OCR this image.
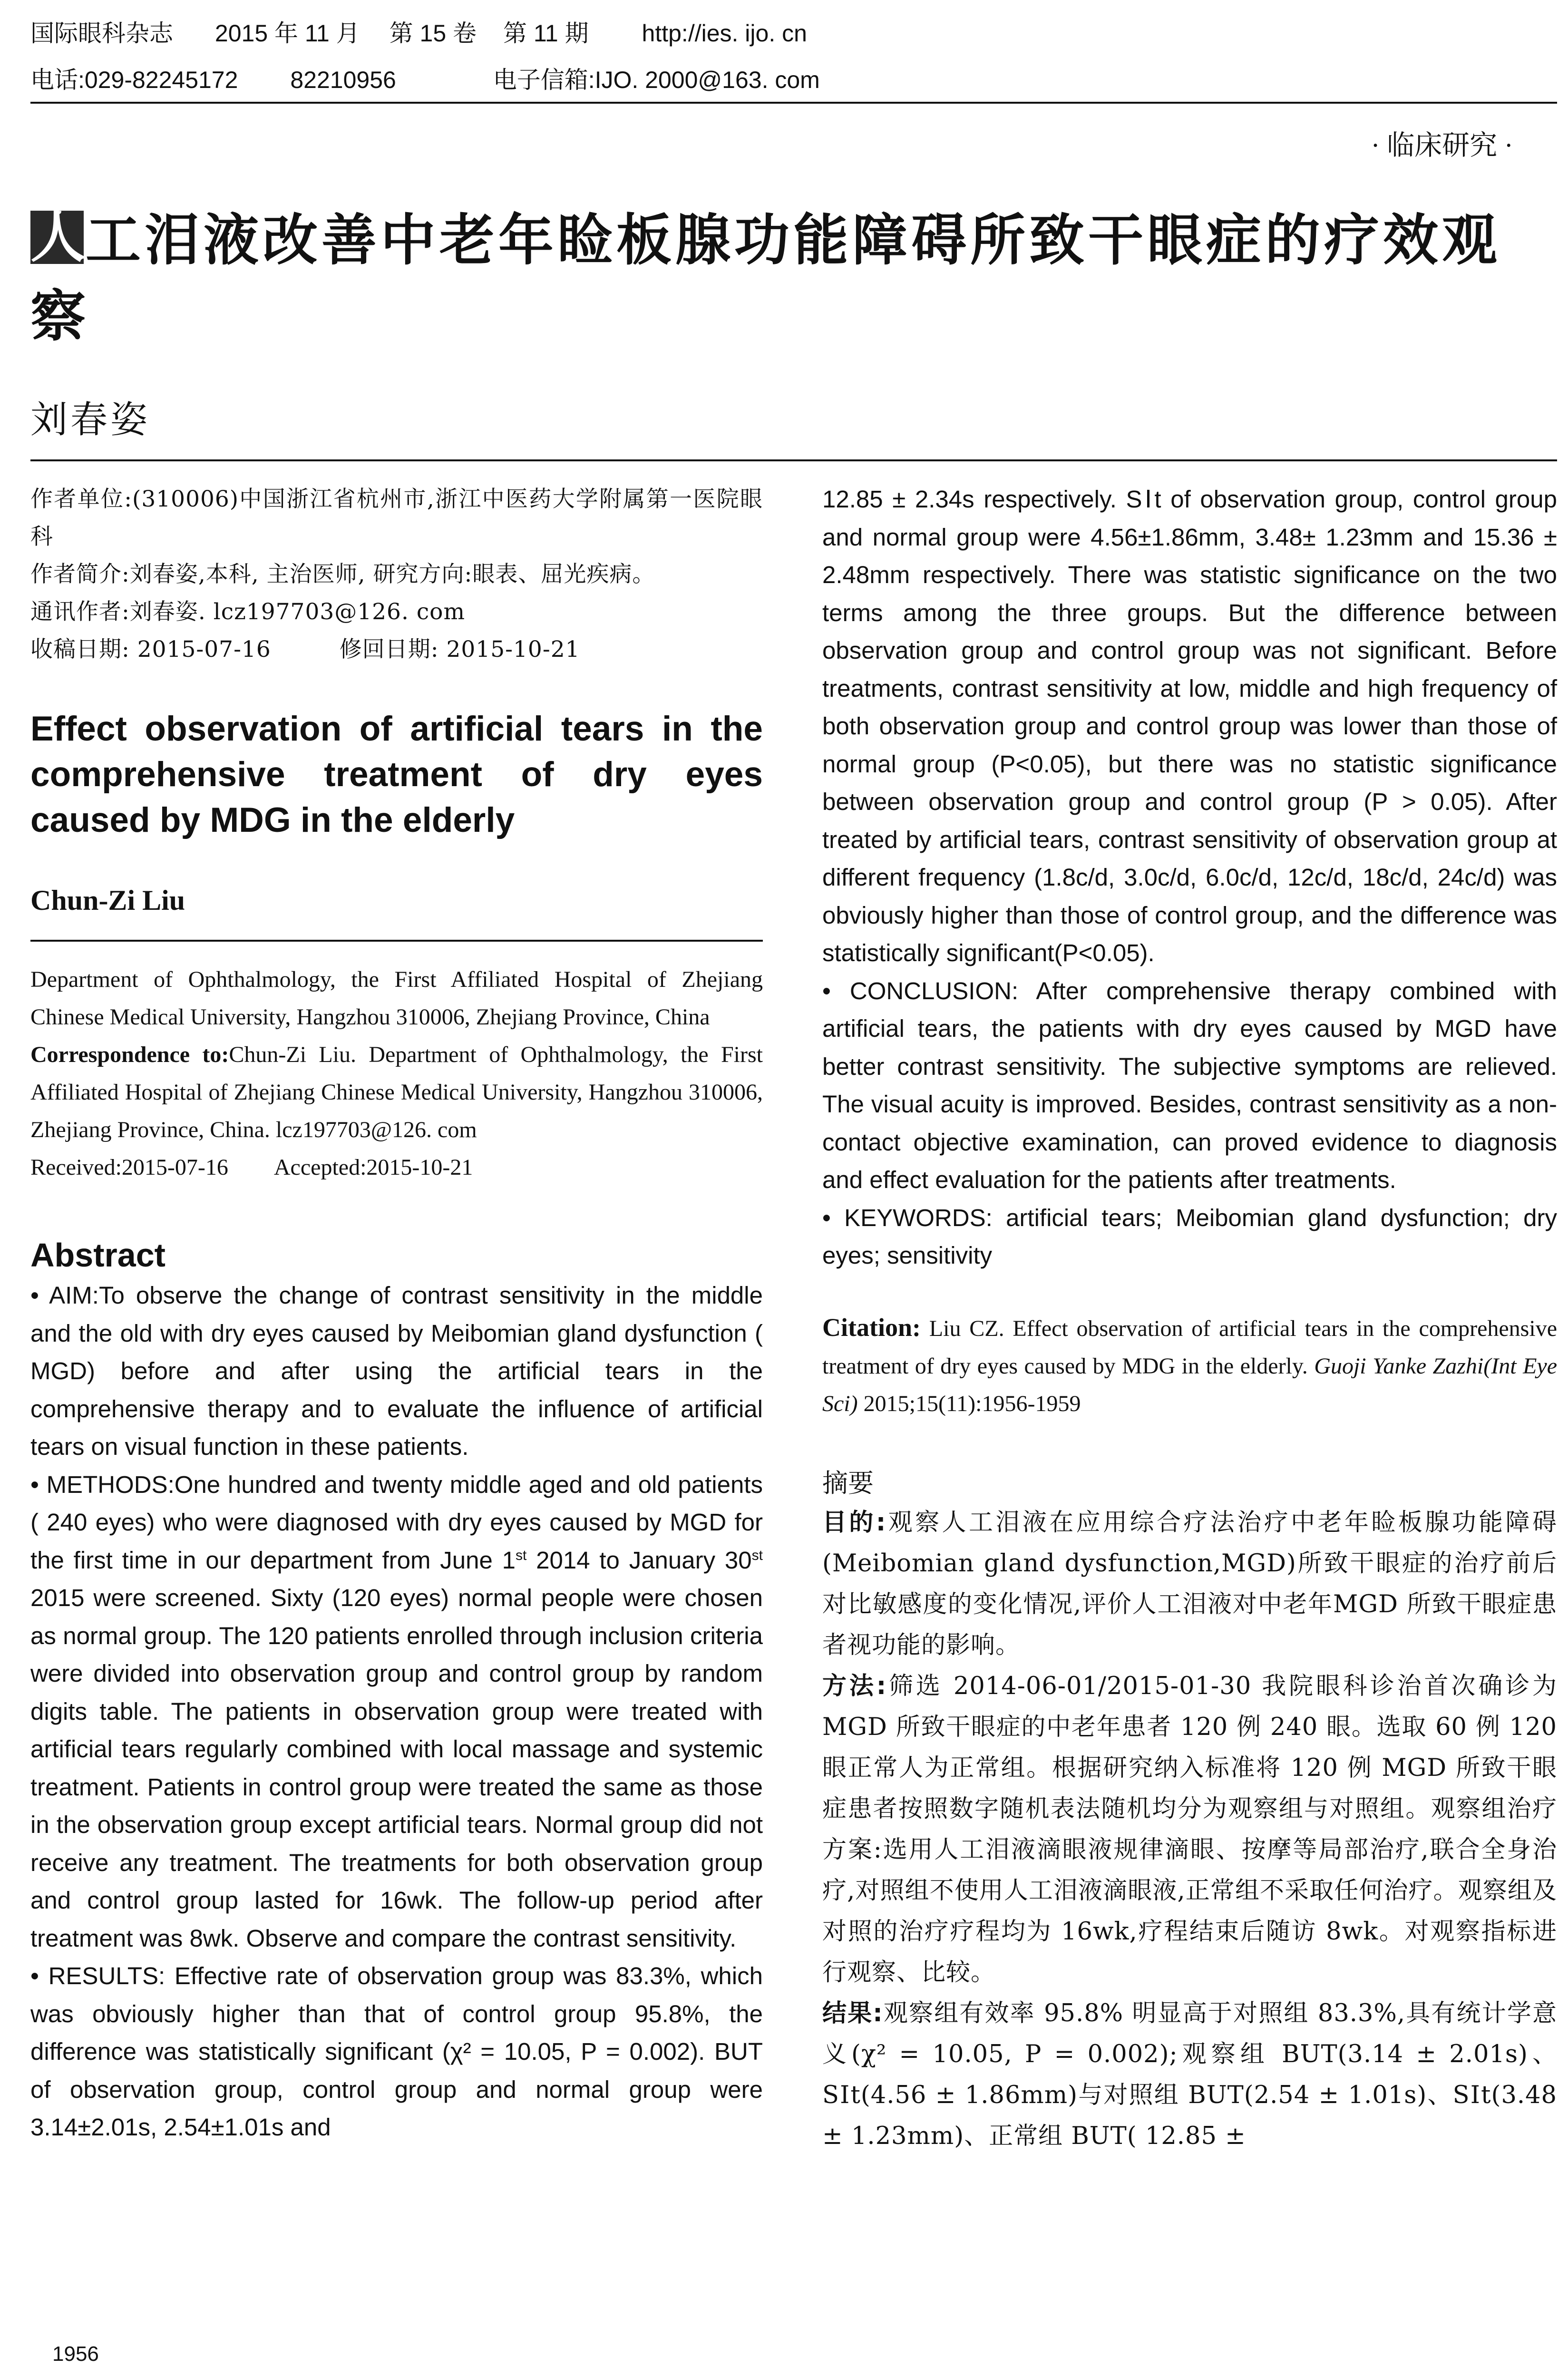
国际眼科杂志 2015 年 11 月 第 15 卷 第 11 期 http://ies. ijo. cn
电话:029-82245172 82210956	电子信箱:IJO. 2000@163. com
· 临床研究 ·
人工泪液改善中老年睑板腺功能障碍所致干眼症的疗效观察
刘春姿

作者单位:(310006)中国浙江省杭州市,浙江中医药大学附属第一医院眼科

作者简介:刘春姿,本科, 主治医师, 研究方向:眼表、屈光疾病。

通讯作者:刘春姿. lcz197703@126. com

收稿日期: 2015-07-16　　　修回日期: 2015-10-21

Effect observation of artificial tears in the comprehensive treatment of dry eyes caused by MDG in the elderly
Chun-Zi Liu

Department of Ophthalmology, the First Affiliated Hospital of Zhejiang Chinese Medical University, Hangzhou 310006, Zhejiang Province, China

Correspondence to:Chun-Zi Liu. Department of Ophthalmology, the First Affiliated Hospital of Zhejiang Chinese Medical University, Hangzhou 310006, Zhejiang Province, China. lcz197703@126. com

Received:2015-07-16　　Accepted:2015-10-21

Abstract

• AIM:To observe the change of contrast sensitivity in the middle and the old with dry eyes caused by Meibomian gland dysfunction ( MGD) before and after using the artificial tears in the comprehensive therapy and to evaluate the influence of artificial tears on visual function in these patients.

• METHODS:One hundred and twenty middle aged and old patients ( 240 eyes) who were diagnosed with dry eyes caused by MGD for the first time in our department from June 1st 2014 to January 30st 2015 were screened. Sixty (120 eyes) normal people were chosen as normal group. The 120 patients enrolled through inclusion criteria were divided into observation group and control group by random digits table. The patients in observation group were treated with artificial tears regularly combined with local massage and systemic treatment. Patients in control group were treated the same as those in the observation group except artificial tears. Normal group did not receive any treatment. The treatments for both observation group and control group lasted for 16wk. The follow-up period after treatment was 8wk. Observe and compare the contrast sensitivity.

• RESULTS: Effective rate of observation group was 83.3%, which was obviously higher than that of control group 95.8%, the difference was statistically significant (χ² = 10.05, P = 0.002). BUT of observation group, control group and normal group were 3.14±2.01s, 2.54±1.01s and

12.85 ± 2.34s respectively. SⅠt of observation group, control group and normal group were 4.56±1.86mm, 3.48± 1.23mm and 15.36 ± 2.48mm respectively. There was statistic significance on the two terms among the three groups. But the difference between observation group and control group was not significant. Before treatments, contrast sensitivity at low, middle and high frequency of both observation group and control group was lower than those of normal group (P<0.05), but there was no statistic significance between observation group and control group (P > 0.05). After treated by artificial tears, contrast sensitivity of observation group at different frequency (1.8c/d, 3.0c/d, 6.0c/d, 12c/d, 18c/d, 24c/d) was obviously higher than those of control group, and the difference was statistically significant(P<0.05).

• CONCLUSION: After comprehensive therapy combined with artificial tears, the patients with dry eyes caused by MGD have better contrast sensitivity. The subjective symptoms are relieved. The visual acuity is improved. Besides, contrast sensitivity as a non-contact objective examination, can proved evidence to diagnosis and effect evaluation for the patients after treatments.

• KEYWORDS: artificial tears; Meibomian gland dysfunction; dry eyes; sensitivity

Citation: Liu CZ. Effect observation of artificial tears in the comprehensive treatment of dry eyes caused by MDG in the elderly. Guoji Yanke Zazhi(Int Eye Sci) 2015;15(11):1956-1959

摘要

目的:观察人工泪液在应用综合疗法治疗中老年睑板腺功能障碍(Meibomian gland dysfunction,MGD)所致干眼症的治疗前后对比敏感度的变化情况,评价人工泪液对中老年MGD 所致干眼症患者视功能的影响。

方法:筛选 2014-06-01/2015-01-30 我院眼科诊治首次确诊为 MGD 所致干眼症的中老年患者 120 例 240 眼。选取 60 例 120 眼正常人为正常组。根据研究纳入标准将 120 例 MGD 所致干眼症患者按照数字随机表法随机均分为观察组与对照组。观察组治疗方案:选用人工泪液滴眼液规律滴眼、按摩等局部治疗,联合全身治疗,对照组不使用人工泪液滴眼液,正常组不采取任何治疗。观察组及对照的治疗疗程均为 16wk,疗程结束后随访 8wk。对观察指标进行观察、比较。

结果:观察组有效率 95.8% 明显高于对照组 83.3%,具有统计学意义(χ² = 10.05, P = 0.002);观察组 BUT(3.14 ± 2.01s)、SⅠt(4.56 ± 1.86mm)与对照组 BUT(2.54 ± 1.01s)、SⅠt(3.48 ± 1.23mm)、正常组 BUT( 12.85 ±

1956
